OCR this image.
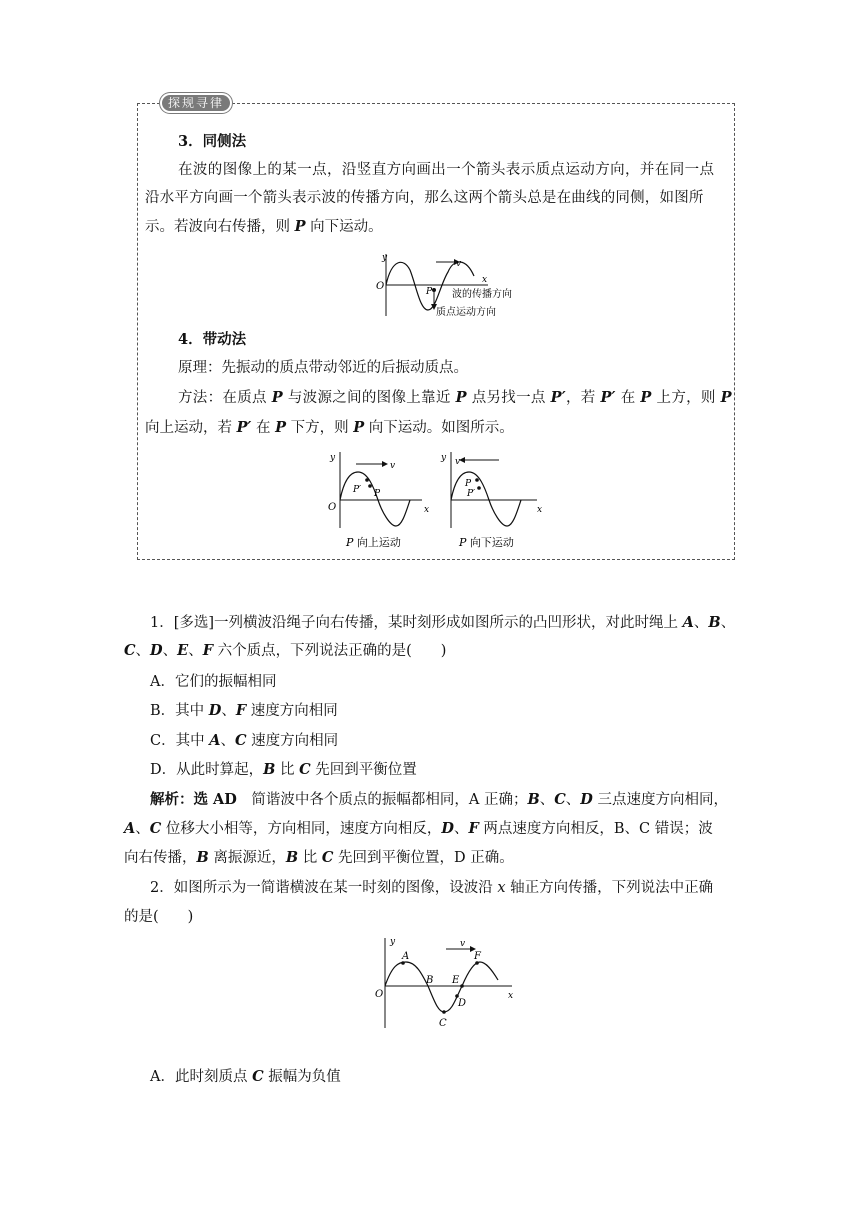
探规寻律
3．同侧法
在波的图像上的某一点，沿竖直方向画出一个箭头表示质点运动方向，并在同一点
沿水平方向画一个箭头表示波的传播方向，那么这两个箭头总是在曲线的同侧，如图所
示。若波向右传播，则 P 向下运动。
y
v
x
O	P 波的传播方向
质点运动方向
4．带动法
原理：先振动的质点带动邻近的后振动质点。
方法：在质点 P 与波源之间的图像上靠近 P 点另找一点 P′，若 P′ 在 P 上方，则 P
向上运动，若 P′ 在 P 下方，则 P 向下运动。如图所示。
y
v
x
O
P′ P
P 向上运动
y v
x
P
P′
P 向下运动
1．[多选]一列横波沿绳子向右传播，某时刻形成如图所示的凸凹形状，对此时绳上 A、B、
C、D、E、F 六个质点，下列说法正确的是(　　)
A．它们的振幅相同
B．其中 D、F 速度方向相同
C．其中 A、C 速度方向相同
D．从此时算起，B 比 C 先回到平衡位置
解析：选 AD　简谐波中各个质点的振幅都相同，A 正确；B、C、D 三点速度方向相同，
A、C 位移大小相等，方向相同，速度方向相反，D、F 两点速度方向相反，B、C 错误；波
向右传播，B 离振源近，B 比 C 先回到平衡位置，D 正确。
2．如图所示为一简谐横波在某一时刻的图像，设波沿 x 轴正方向传播，下列说法中正确
的是(　　)
y	v
x
O
A
B
C
D
E
F
A．此时刻质点 C 振幅为负值
